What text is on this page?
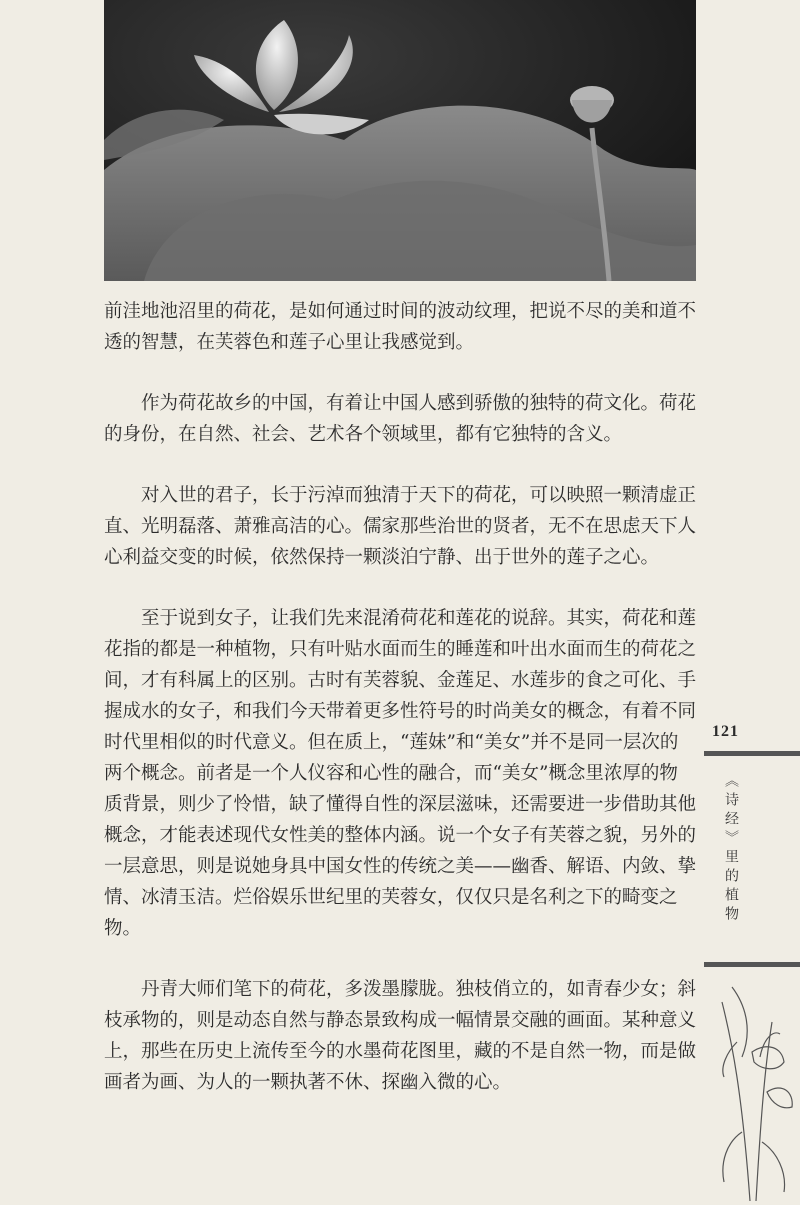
前洼地池沼里的荷花，是如何通过时间的波动纹理，把说不尽的美和道不透的智慧，在芙蓉色和莲子心里让我感觉到。

作为荷花故乡的中国，有着让中国人感到骄傲的独特的荷文化。荷花的身份，在自然、社会、艺术各个领域里，都有它独特的含义。

对入世的君子，长于污淖而独清于天下的荷花，可以映照一颗清虚正直、光明磊落、萧雅高洁的心。儒家那些治世的贤者，无不在思虑天下人心利益交变的时候，依然保持一颗淡泊宁静、出于世外的莲子之心。

至于说到女子，让我们先来混淆荷花和莲花的说辞。其实，荷花和莲花指的都是一种植物，只有叶贴水面而生的睡莲和叶出水面而生的荷花之间，才有科属上的区别。古时有芙蓉貌、金莲足、水莲步的食之可化、手握成水的女子，和我们今天带着更多性符号的时尚美女的概念，有着不同时代里相似的时代意义。但在质上，“莲妹”和“美女”并不是同一层次的两个概念。前者是一个人仪容和心性的融合，而“美女”概念里浓厚的物质背景，则少了怜惜，缺了懂得自性的深层滋味，还需要进一步借助其他概念，才能表述现代女性美的整体内涵。说一个女子有芙蓉之貌，另外的一层意思，则是说她身具中国女性的传统之美——幽香、解语、内敛、挚情、冰清玉洁。烂俗娱乐世纪里的芙蓉女，仅仅只是名利之下的畸变之物。

丹青大师们笔下的荷花，多泼墨朦胧。独枝俏立的，如青春少女；斜枝承物的，则是动态自然与静态景致构成一幅情景交融的画面。某种意义上，那些在历史上流传至今的水墨荷花图里，藏的不是自然一物，而是做画者为画、为人的一颗执著不休、探幽入微的心。

121
《诗经》里的植物
